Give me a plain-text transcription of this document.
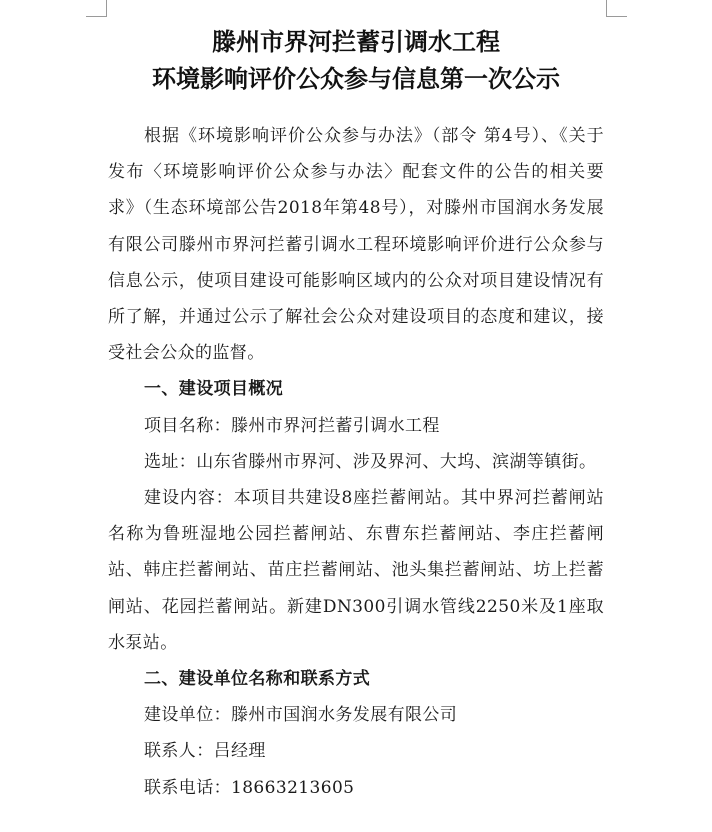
滕州市界河拦蓄引调水工程
环境影响评价公众参与信息第一次公示

根据《环境影响评价公众参与办法》（部令 第4号）、《关于发布〈环境影响评价公众参与办法〉配套文件的公告的相关要求》（生态环境部公告2018年第48号），对滕州市国润水务发展有限公司滕州市界河拦蓄引调水工程环境影响评价进行公众参与信息公示，使项目建设可能影响区域内的公众对项目建设情况有所了解，并通过公示了解社会公众对建设项目的态度和建议，接受社会公众的监督。

一、建设项目概况

项目名称：滕州市界河拦蓄引调水工程

选址：山东省滕州市界河、涉及界河、大坞、滨湖等镇街。

建设内容：本项目共建设8座拦蓄闸站。其中界河拦蓄闸站名称为鲁班湿地公园拦蓄闸站、东曹东拦蓄闸站、李庄拦蓄闸站、韩庄拦蓄闸站、苗庄拦蓄闸站、池头集拦蓄闸站、坊上拦蓄闸站、花园拦蓄闸站。新建DN300引调水管线2250米及1座取水泵站。

二、建设单位名称和联系方式

建设单位：滕州市国润水务发展有限公司

联系人：吕经理

联系电话：18663213605
